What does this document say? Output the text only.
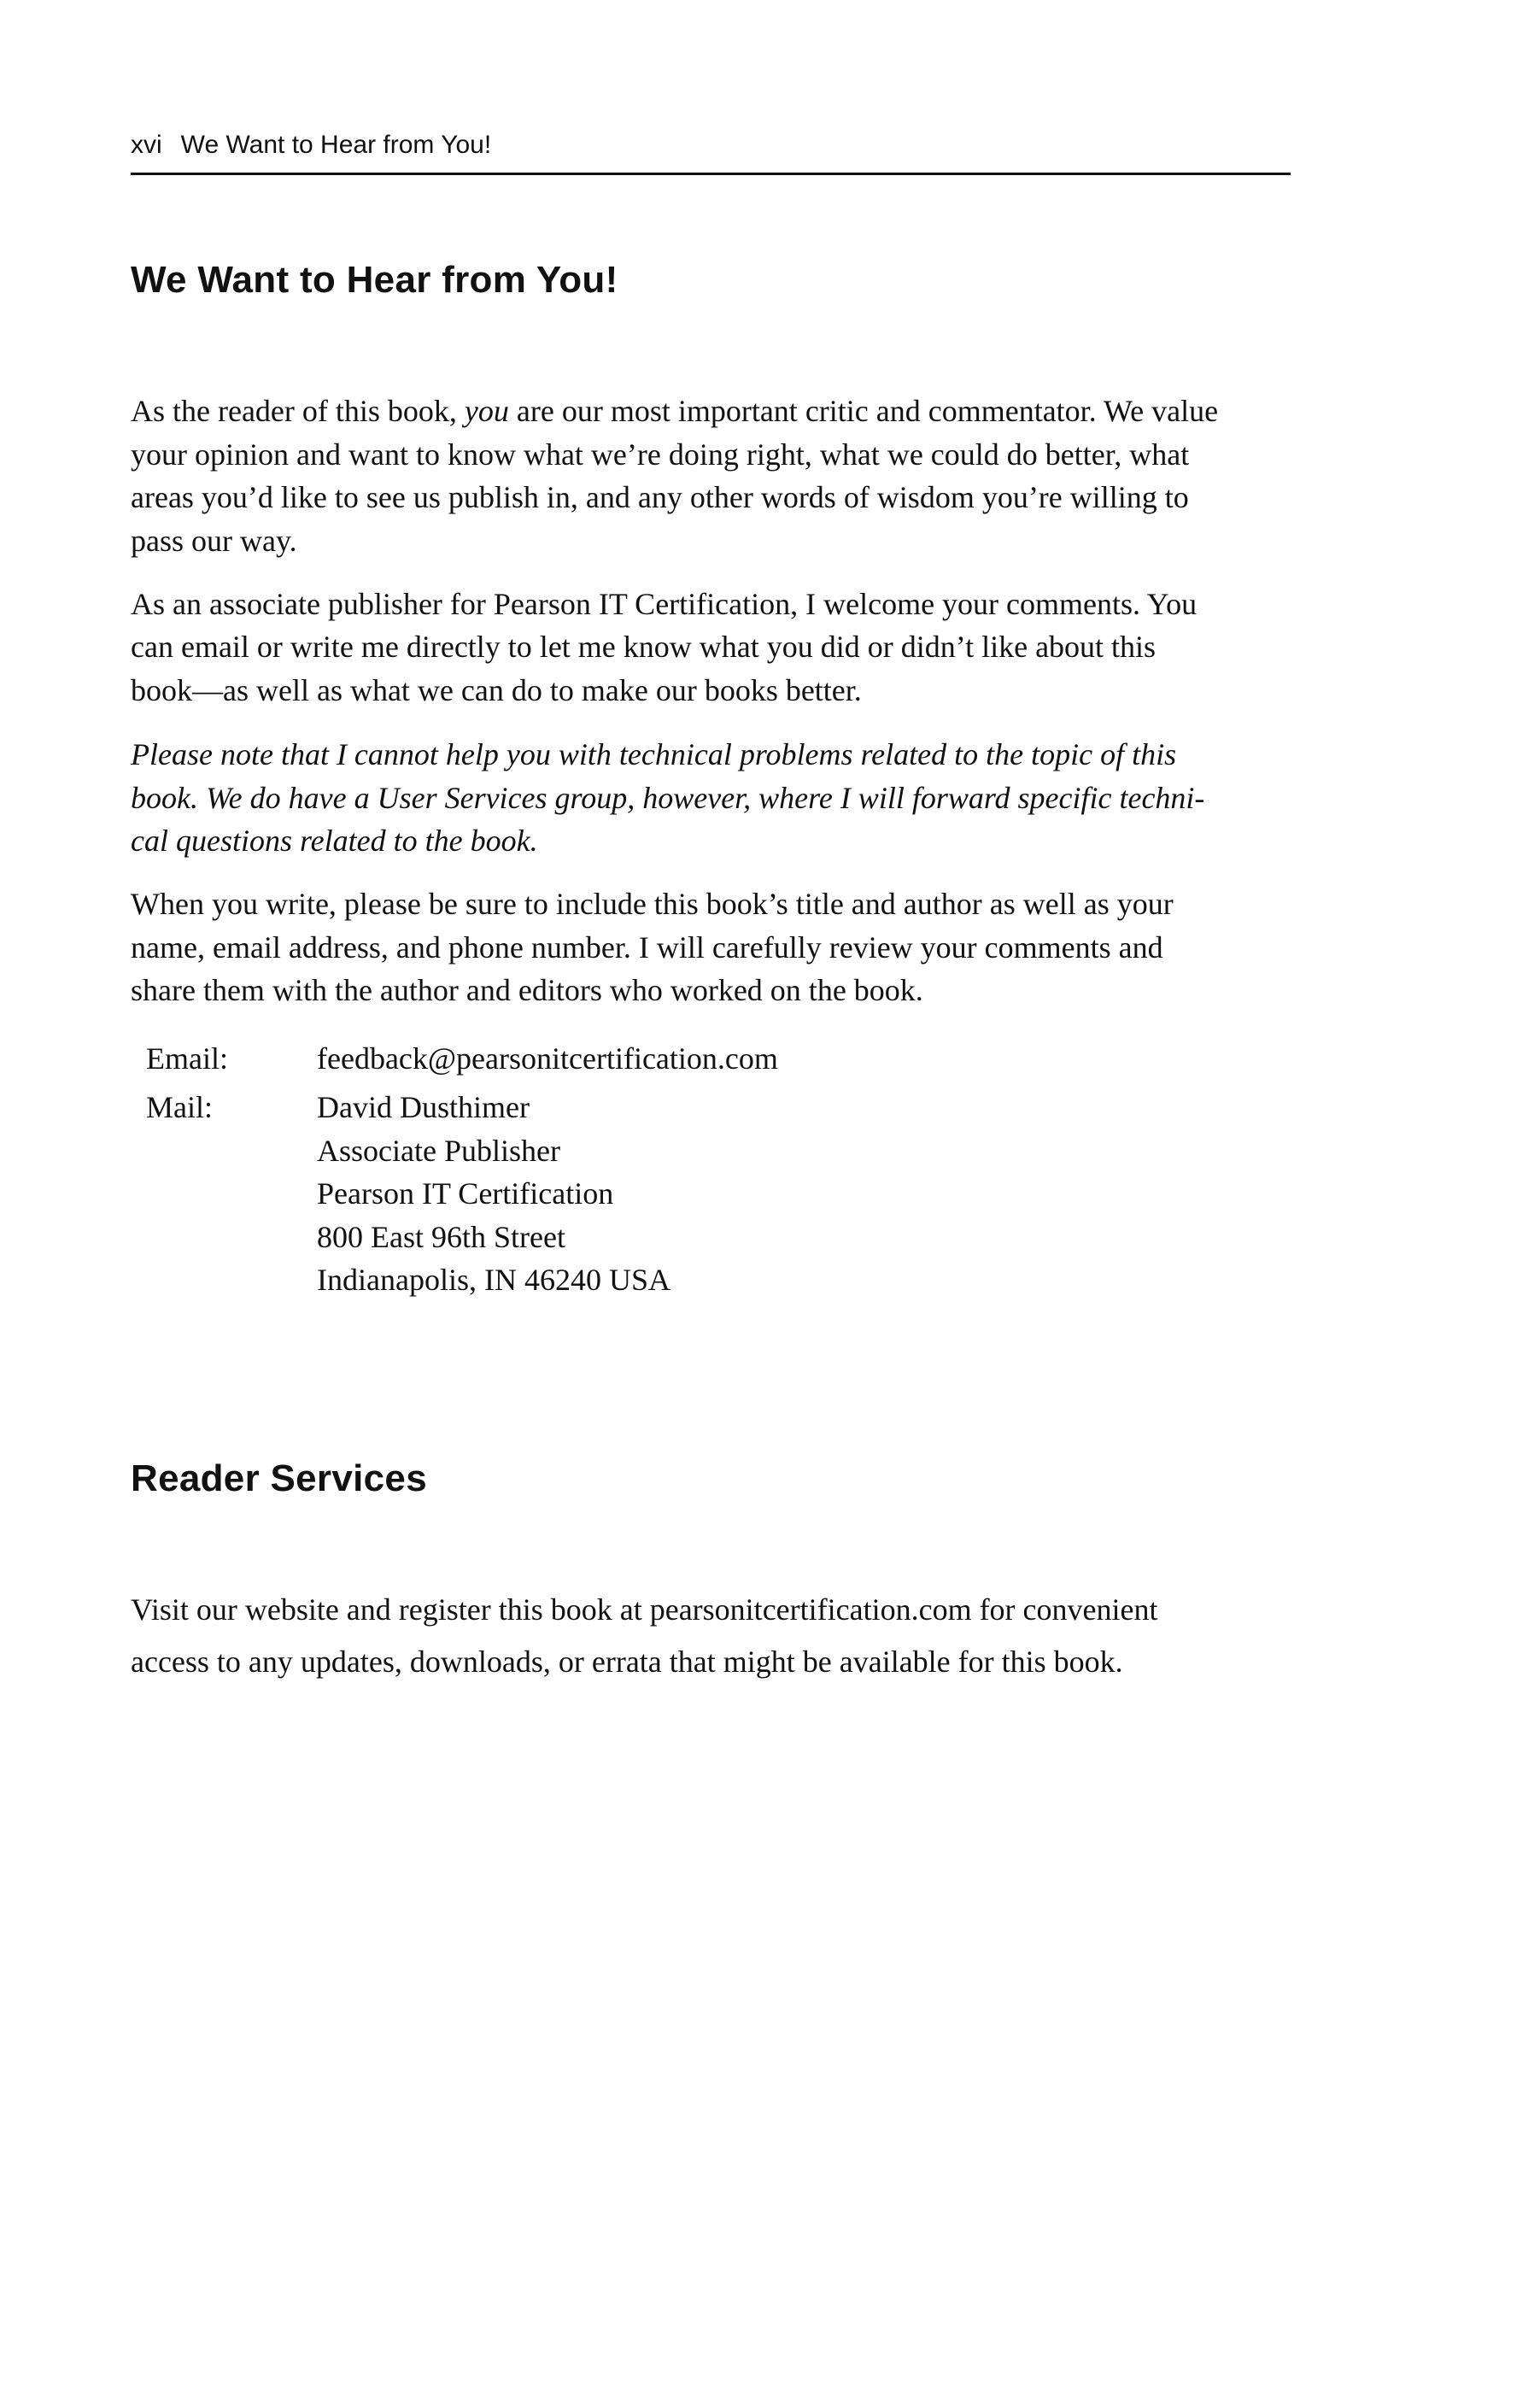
xvi We Want to Hear from You!
We Want to Hear from You!
As the reader of this book, you are our most important critic and commentator. We value
your opinion and want to know what we’re doing right, what we could do better, what
areas you’d like to see us publish in, and any other words of wisdom you’re willing to
pass our way.
As an associate publisher for Pearson IT Certification, I welcome your comments. You
can email or write me directly to let me know what you did or didn’t like about this
book—as well as what we can do to make our books better.
Please note that I cannot help you with technical problems related to the topic of this
book. We do have a User Services group, however, where I will forward specific techni-
cal questions related to the book.
When you write, please be sure to include this book’s title and author as well as your
name, email address, and phone number. I will carefully review your comments and
share them with the author and editors who worked on the book.
Email:	feedback@pearsonitcertification.com
Mail:	David Dusthimer
Associate Publisher
Pearson IT Certification
800 East 96th Street
Indianapolis, IN 46240 USA
Reader Services
Visit our website and register this book at pearsonitcertification.com for convenient
access to any updates, downloads, or errata that might be available for this book.
